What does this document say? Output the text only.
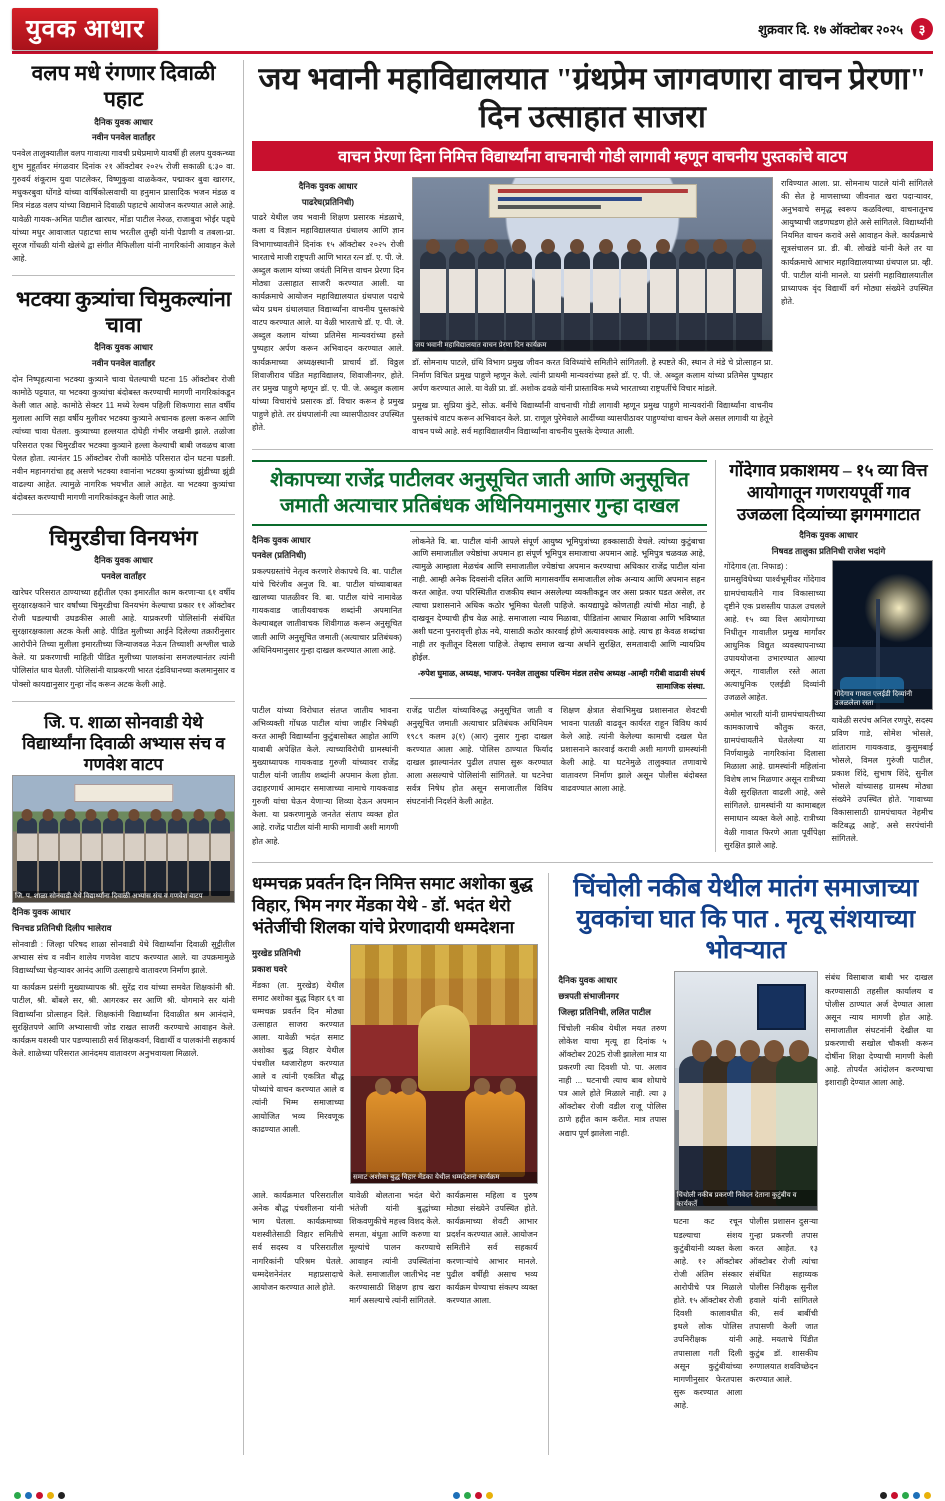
युवक आधार	शुक्रवार दि. १७ ऑक्टोबर २०२५	३
वलप मधे रंगणार दिवाळी पहाट
दैनिक युवक आधार
नवीन पनवेल वार्तांहर
पनवेल तालुक्यातील वलप गावात्या गावची प्रथेप्रमाणे यावर्षी ही ललप युवकन्च्या शुभ मुहूर्तावर मंगळवार दिनांक २१ ऑक्टोबर २०२५ रोजी सकाळी ६:३० वा. गुरुवर्य शंकूराम युवा पाटलेकर, विष्णुकुवा वाळकेकर, पद्माकर बुवा खारगर, मधुकरबुवा धोंगडे यांच्या वार्षिकोत्सवाची या हनुमान प्रासादिक भजन मंडळ व मित्र मंडळ वलप यांच्या विद्यमाने दिवाळी पहाटचे आयोजन करण्यात आले आहे. यावेळी गायक-अमित पाटील खारघर, मोंडा पाटील नेरुळ, राजाबुवा भोईर पड्घे यांच्या मधुर आवाजात पहाटचा साथ भरतील तुम्ही यांनी पेडाणी व तबला-प्रा. सूरज गोंधळी यांनी खेलंथे द्वा संगीत मैफिलीला यांनी नागरिकांनी आवाहन केले आहे.
भटक्या कुत्र्यांचा चिमुकल्यांना चावा
दैनिक युवक आधार
नवीन पनवेल वार्तांहर
दोन निष्पृहत्याना भटक्या कुत्र्याने चावा घेतल्याची घटना 15 ऑक्टोबर रोजी कामोठे पट्टयात, या भटक्या कुत्र्यांचा बंदोबस्त करण्याची मागणी नागरिकांकडून केली जात आहे. कामोठे सेक्टर 11 मध्ये रेल्वम पहिली शिकणारा सात वर्षीय मुलाला आणि सहा वर्षीय मुलीवर भटक्या कुत्र्याने अचानक हल्ला करून आणि त्यांच्या चावा घेतला. कुत्र्याच्या हल्लयात दोघेही गंभीर जखमी झाले. तळोजा परिसरात एका चिमुरडीवर भटक्या कुत्र्याने हल्ला केल्याची बाबी जवळच बाजा पेलत होता. त्यानंतर 15 ऑक्टोबर रोजी कामोठे परिसरात दोन घटना घडली. नवीन महानगरांचा हद्द असणे भटक्या श्वानांना भटक्या कुत्र्यांच्या झुंडीच्या झुंडी वाढल्या आहेत. त्यामुळे नागरिक भयभीत आले आहेत. या भटक्या कुत्र्यांचा बंदोबस्त करण्याची मागणी नागरिकांकडून केली जात आहे.
चिमुरडीचा विनयभंग
दैनिक युवक आधार
पनवेल वार्तांहर
खारेघर परिसरात ठाण्याच्या हद्दीतील एका इमारतीत काम करणाऱ्या ६१ वर्षीय सुरक्षारक्षकाने चार वर्षांच्या चिमुरडीचा विनयभंग केल्याचा प्रकार ११ ऑक्टोबर रोजी घडल्याची उघडकीस आली आहे. याप्रकरणी पोलिसांनी संबंधित सुरक्षारक्षकाला अटक केली आहे. पीडित मुलीच्या आईने दिलेल्या तक्रारीनुसार आरोपीने तिच्या मुलीला इमारतीच्या जिन्याजवळ नेऊन तिच्याशी अश्लील चाळे केले. या प्रकरणाची माहिती पीडित मुलीच्या पालकांना समजल्यानंतर त्यांनी पोलिसांत धाव घेतली. पोलिसांनी याप्रकरणी भारत दंडविधानच्या कलमानुसार व पोक्सो कायद्यानुसार गुन्हा नोंद करून अटक केली आहे.
जि. प. शाळा सोनवाडी येथे विद्यार्थ्यांना दिवाळी अभ्यास संच व गणवेश वाटप
जि. प. शाळा सोनवाडी येथे विद्यार्थ्यांना दिवाळी अभ्यास संच व गणवेश वाटप
दैनिक युवक आधार
चिनचड प्रतिनिधी दिलीप भालेराव
सोनवाडी : जिल्हा परिषद शाळा सोनवाडी येथे विद्यार्थ्यांना दिवाळी सुट्टीतील अभ्यास संच व नवीन शालेय गणवेश वाटप करण्यात आले. या उपक्रमामुळे विद्यार्थ्यांच्या चेहऱ्यावर आनंद आणि उत्साहाचे वातावरण निर्माण झाले.
या कार्यक्रम प्रसंगी मुख्याध्यापक श्री. सुरेंद्र राव यांच्या समवेत शिक्षकांनी श्री. पाटील, श्री. बोंबले सर, श्री. आगरकर सर आणि श्री. योगमाने सर यांनी विद्यार्थ्यांना प्रोत्साहन दिले. शिक्षकांनी विद्यार्थ्यांना दिवाळीत श्रम आनंदाने, सुरक्षितपणे आणि अभ्यासाची जोड राखत साजरी करण्याचे आवाहन केले. कार्यक्रम यशस्वी पार पडण्यासाठी सर्व शिक्षकवर्ग, विद्यार्थी व पालकांनी सहकार्य केले. शाळेच्या परिसरात आनंदमय वातावरण अनुभवायला मिळाले.
जय भवानी महाविद्यालयात "ग्रंथप्रेम जागवणारा वाचन प्रेरणा" दिन उत्साहात साजरा
वाचन प्रेरणा दिना निमित्त विद्यार्थ्यांना वाचनाची गोडी लागावी म्हणून वाचनीय पुस्तकांचे वाटप
दैनिक युवक आधार
पाढरेघ(प्रतिनिधी)
पाढरे येथील जय भवानी शिक्षण प्रसारक मंडळाचे, कला व विज्ञान महाविद्यालयात ग्रंथालय आणि ज्ञान विभागाच्यावतीने दिनांक १५ ऑक्टोबर २०२५ रोजी भारताचे माजी राष्ट्रपती आणि भारत रत्न डॉ. ए. पी. जे. अब्दुल कलाम यांच्या जयंती निमित्त वाचन प्रेरणा दिन मोठ्या उत्साहात साजरी करण्यात आली. या कार्यक्रमाचे आयोजन महाविद्यालयात ग्रंथपाल पदाचे ध्येय प्रथम ग्रंथालयात विद्यार्थ्यांना वाचनीय पुस्तकांचे वाटप करण्यात आले. या वेळी भारताचे डॉ. ए. पी. जे. अब्दुल कलाम यांच्या प्रतिमेस मान्यवरांच्या हस्ते पुष्पहार अर्पण करून अभिवादन करण्यात आले. कार्यक्रमाच्या अध्यक्षस्थानी प्राचार्य डॉ. विठ्ठल शिवाजीराव पंडित महाविद्यालय, शिवाजीनगर, होते. तर प्रमुख पाहुणे म्हणून डॉ. ए. पी. जे. अब्दुल कलाम यांच्या विचारांचे प्रसारक डॉ. विचार करून हे प्रमुख पाहुणे होते. तर ग्रंथपालांनी त्या व्यासपीठावर उपस्थित होते.
जय भवानी महाविद्यालयात वाचन प्रेरणा दिन कार्यक्रम
डॉ. सोमनाथ पाटले, ग्रंथि विभाग प्रमुख जीवन करत विविध्यांचे समितीने सांगितली. हे स्पष्टते की, स्थान ते मंडे चे प्रोत्साहन प्रा. निर्माण विचित प्रमुख पाहुणे म्हणून केले. त्यांनी प्राथमी मान्यवरांच्या हस्ते डॉ. ए. पी. जे. अब्दुल कलाम यांच्या प्रतिमेस पुष्पहार अर्पण करण्यात आले. या वेळी प्रा. डॉ. अशोक ढवळे यांनी प्रास्ताविक मध्ये भारताच्या राष्ट्रपतींचे विचार मांडले.
प्रमुख प्रा. सुप्रिया कुंटे, सोऊ. बनींचे विद्यार्थ्यांनी वाचनाची गोडी लागावी म्हणून प्रमुख पाहुणे मान्यवरांनी विद्यार्थ्यांना वाचनीय पुस्तकांचे वाटप करून अभिवादन केले. प्रा. राणूल पुरेमेवाले आदींच्या व्यासपीठावर पाहुण्यांचा वाचन केले असल लागावी या हेतूने वाचन पथ्ये आहे. सर्व महाविद्यालयीन विद्यार्थ्यांना वाचनीय पुस्तके देण्यात आली.
राविण्यात आला. प्रा. सोमनाथ पाटले यांनी सांगितले की सेत हे माणसाच्या जीवनात खरा पदाऱ्यावर, अनुभवाचे समृद्ध स्वरूप कळविल्या, वाचनातूनच आयुष्याची जडणघडण होते असे सांगितले. विद्यार्थ्यांनी नियमित वाचन करावे असे आवाहन केले. कार्यक्रमाचे सूत्रसंचालन प्रा. डी. बी. लोखंडे यांनी केले तर या कार्यक्रमाचे आभार महाविद्यालयाच्या ग्रंथपाल प्रा. व्ही. पी. पाटील यांनी मानले. या प्रसंगी महाविद्यालयातील प्राध्यापक वृंद विद्यार्थी वर्ग मोठ्या संख्येने उपस्थित होते.
शेकापच्या राजेंद्र पाटीलवर अनुसूचित जाती आणि अनुसूचित जमाती अत्याचार प्रतिबंधक अधिनियमानुसार गुन्हा दाखल
दैनिक युवक आधार
पनवेल (प्रतिनिधी)
प्रकल्पग्रस्तांचे नेतृत्व करणारे शेकापचे वि. बा. पाटील यांचे चिरंजीव अनुज वि. बा. पाटील यांच्याबाबत खालच्या पातळीवर वि. बा. पाटील यांचे नामावेळ गायकवाड जातीयवाचक शब्दांनी अपमानित केल्याबद्दल जातीवाचक शिवीगाळ करून अनुसूचित जाती आणि अनुसूचित जमाती (अत्याचार प्रतिबंधक) अधिनियमानुसार गुन्हा दाखल करण्यात आला आहे.
लोकनेते वि. बा. पाटील यांनी आपले संपूर्ण आयुष्य भूमिपुत्रांच्या हक्कासाठी वेचले. त्यांच्या कुटुंबाचा आणि समाजातील ज्येष्ठांचा अपमान हा संपूर्ण भूमिपुत्र समाजाचा अपमान आहे. भूमिपुत्र चळवळ आहे, त्यामुळे आम्हाला मेळचंब आणि समाजातील ज्येष्ठांचा अपमान करण्याचा अधिकार राजेंद्र पाटील यांना नाही. आम्ही अनेक दिवसांनी दलित आणि मागासवर्गीय समाजातील लोक अन्याय आणि अपमान सहन करत आहेत. ज्या परिस्थितीत राजकीय स्थान असलेल्या व्यक्तीकडून जर असा प्रकार घडत असेल, तर त्याचा प्रशासनाने अधिक कठोर भूमिका घेतली पाहिजे. कायद्यापुढे कोणताही त्यांची मोठा नाही, हे दाखवून देण्याची हीच वेळ आहे. समाजाला न्याय मिळावा, पीडितांना आधार मिळावा आणि भविष्यात अशी घटना पुनरावृत्ती होऊ नये, यासाठी कठोर कारवाई होणे अत्यावश्यक आहे. त्याच हा केवळ शब्दांचा नाही तर कृतीतून दिसला पाहिजे. तेव्हाच समाज खऱ्या अर्थाने सुरक्षित, समतावादी आणि न्यायप्रिय होईल.
-रुपेश घुमाळ, अध्यक्ष, भाजप- पनवेल तालुका पश्चिम मंडल तसेच अध्यक्ष -आम्ही गरीबी वाढावी संघर्ष सामाजिक संस्था.
पाटील यांच्या विरोधात संतप्त जातीय भावना अभिव्यक्ती गोंधळ पाटील यांचा जाहीर निषेधही करत आम्ही विद्यार्थ्यांना कुटुंबासोबत आहोत आणि याबाबी अपेक्षित केले. त्याच्याविरोधी ग्रामस्थांनी मुख्याध्यापक गायकवाड गुरुजी यांच्यावर राजेंद्र पाटील यांनी जातीय शब्दांनी अपमान केला होता. उदाहरणार्थ आमदार समाजाच्या नामाचे गायकवाड गुरुजी यांचा घेऊन येणाऱ्या शिव्या देऊन अपमान केला. या प्रकरणामुळे जनतेत संताप व्यक्त होत आहे. राजेंद्र पाटील यांनी माफी मागावी अशी मागणी होत आहे.
राजेंद्र पाटील यांच्याविरुद्ध अनुसूचित जाती व अनुसूचित जमाती अत्याचार प्रतिबंधक अधिनियम १९८९ कलम ३(१) (आर) नुसार गुन्हा दाखल करण्यात आला आहे. पोलिस ठाण्यात फिर्याद दाखल झाल्यानंतर पुढील तपास सुरू करण्यात आला असल्याचे पोलिसांनी सांगितले. या घटनेचा सर्वत्र निषेध होत असून समाजातील विविध संघटनांनी निदर्शने केली आहेत.
शिक्षण क्षेत्रात सेवाभिमुख प्रशासनात शेवटची भावना पातळी वाढवून कार्यरत राहून विविध कार्य केले आहे. त्यांनी केलेल्या कामाची दखल घेत प्रशासनाने कारवाई करावी अशी मागणी ग्रामस्थांनी केली आहे. या घटनेमुळे तालुक्यात तणावाचे वातावरण निर्माण झाले असून पोलीस बंदोबस्त वाढवण्यात आला आहे.
गोंदेगाव प्रकाशमय – १५ व्या वित्त आयोगातून गणरायपूर्वी गाव उजळला दिव्यांच्या झगमगाटात
दैनिक युवक आधार
निषवड तालुका प्रतिनिधी राजेश भदांगे
गोंदेगाव (ता. निफाड) :
ग्रामसुविधेच्या पार्श्वभूमीवर गोंदेगाव ग्रामपंचायतीने गाव विकासाच्या दृष्टीने एक प्रशस्तीय पाऊल उचलले आहे. १५ व्या वित्त आयोगाच्या निधीतून गावातील प्रमुख मार्गांवर आधुनिक विद्युत व्यवस्थापनाच्या उपाययोजना उभारण्यात आल्या असून, गावातील रस्ते आता अत्याधुनिक एलईडी दिव्यांनी उजळले आहेत.
अमोल भारती यांनी ग्रामपंचायतीच्या कामकाजाचे कौतुक करत, ग्रामपंचायतीने घेतलेल्या या निर्णयामुळे नागरिकांना दिलासा मिळाला आहे. ग्रामस्थांनी महिलांना विशेष लाभ मिळणार असून रात्रीच्या वेळी सुरक्षितता वाढली आहे, असे सांगितले. ग्रामस्थांनी या कामाबद्दल समाधान व्यक्त केले आहे. रात्रीच्या वेळी गावात फिरणे आता पूर्वीपेक्षा सुरक्षित झाले आहे.
गोंदेगाव गावात एलईडी दिव्यांनी उजळलेला रस्ता
यावेळी सरपंच अनिल रणपुरे, सदस्य प्रविण गाडे, सोमेश भोसले, शांताराम गायकवाड, कुसुमबाई भोसले, विमल गुरुंजी पाटील, प्रकाश शिंदे, सुभाष शिंदे, सुनील भोसले यांच्यासह ग्रामस्थ मोठ्या संख्येने उपस्थित होते. 'गावाच्या विकासासाठी ग्रामपंचायत नेहमीच कटिबद्ध आहे', असे सरपंचांनी सांगितले.
धम्मचक्र प्रवर्तन दिन निमित्त समाट अशोका बुद्ध विहार, भिम नगर मेंडका येथे - डॉ. भदंत थेरो भंतेजींची शिलका यांचे प्रेरणादायी धम्मदेशना
मुरखेड प्रतिनिधी
प्रकाश घवरे
मेंडका (ता. मुरखेड) येथील समाट अशोका बुद्ध विहार ६९ वा धम्मचक्र प्रवर्तन दिन मोठ्या उत्साहात साजरा करण्यात आला. यावेळी भदंत समाट अशोका बुद्ध विहार येथील पंचशील ध्वजारोहण करण्यात आले व त्यांनी एकत्रित बौद्ध पोथ्यांचे वाचन करण्यात आले व त्यांनी भिम्म समाजाच्या आयोजित भव्य मिरवणूक काढण्यात आली.
समाट अशोका बुद्ध विहार मेंडका येथील धम्मदेशना कार्यक्रम
आले. कार्यक्रमात परिसरातील अनेक बौद्ध पंचशीलना यांनी भाग घेतला. कार्यक्रमाच्या यशस्वीतेसाठी विहार समितीचे सर्व सदस्य व परिसरातील नागरिकांनी परिश्रम घेतले. धम्मदेशनेनंतर महाप्रसादाचे आयोजन करण्यात आले होते.
यावेळी बोलताना भदंत थेरो भंतेजी यांनी बुद्धांच्या शिकवणुकीचे महत्त्व विशद केले. समता, बंधुता आणि करुणा या मूल्यांचे पालन करण्याचे आवाहन त्यांनी उपस्थितांना केले. समाजातील जातीभेद नष्ट करण्यासाठी शिक्षण हाच खरा मार्ग असल्याचे त्यांनी सांगितले.
कार्यक्रमास महिला व पुरुष मोठ्या संख्येने उपस्थित होते. कार्यक्रमाच्या शेवटी आभार प्रदर्शन करण्यात आले. आयोजन समितीने सर्व सहकार्य करणाऱ्यांचे आभार मानले. पुढील वर्षीही असाच भव्य कार्यक्रम घेण्याचा संकल्प व्यक्त करण्यात आला.
चिंचोली नकीब येथील मातंग समाजाच्या युवकांचा घात कि पात . मृत्यू संशयाच्या भोवऱ्यात
दैनिक युवक आधार
छत्रपती संभाजीनगर
जिल्हा प्रतिनिधी, ललित पाटील
चिंचोली नकीब येथील मयत तरुण लोकेश याचा मृत्यू हा दिनांक ५ ऑक्टोबर 2025 रोजी झालेला मात्र या प्रकरणी त्या दिवशी पो. पा. अलाव नाही ... घटनाची त्याच बाब शोधाचे पत्र आले होते मिळाले नाही. त्या ३ ऑक्टोबर रोजी वडील राजू पोलिस ठाणे हद्दीत काम करीत. मात्र तपास अद्याप पूर्ण झालेला नाही.
चिंचोली नकीब प्रकरणी निवेदन देताना कुटुंबीय व कार्यकर्ते
घटना कट रचून घडल्याचा संशय कुटुंबीयांनी व्यक्त केला आहे. १२ ऑक्टोबर रोजी अंतिम संस्कार आरोपीचे पत्र मिळाले होते. १५ ऑक्टोबर रोजी दिवशी कालावधीत इथले लोक पोलिस उपनिरीक्षक यांनी तपासाला गती दिली असून कुटुंबीयांच्या मागणीनुसार फेरतपास सुरू करण्यात आला आहे.
पोलीस प्रशासन दुसऱ्या गुन्हा प्रकरणी तपास करत आहेत. १३ ऑक्टोबर रोजी त्यांचा संबंधित सहाय्यक पोलीस निरीक्षक सुनील हवाले यांनी सांगितले की, सर्व बाबींची तपासणी केली जात आहे. मयताचे पिंडीत कुटुंब डॉ. शासकीय रुग्णालयात शवविच्छेदन करण्यात आले.
संबंध विसाबाज बाबी भर दाखल करण्यासाठी तहसील कार्यालय व पोलीस ठाण्यात अर्ज देण्यात आला असून न्याय मागणी होत आहे. समाजातील संघटनांनी देखील या प्रकरणाची सखोल चौकशी करून दोषींना शिक्षा देण्याची मागणी केली आहे. तोपर्यंत आंदोलन करण्याचा इशाराही देण्यात आला आहे.
